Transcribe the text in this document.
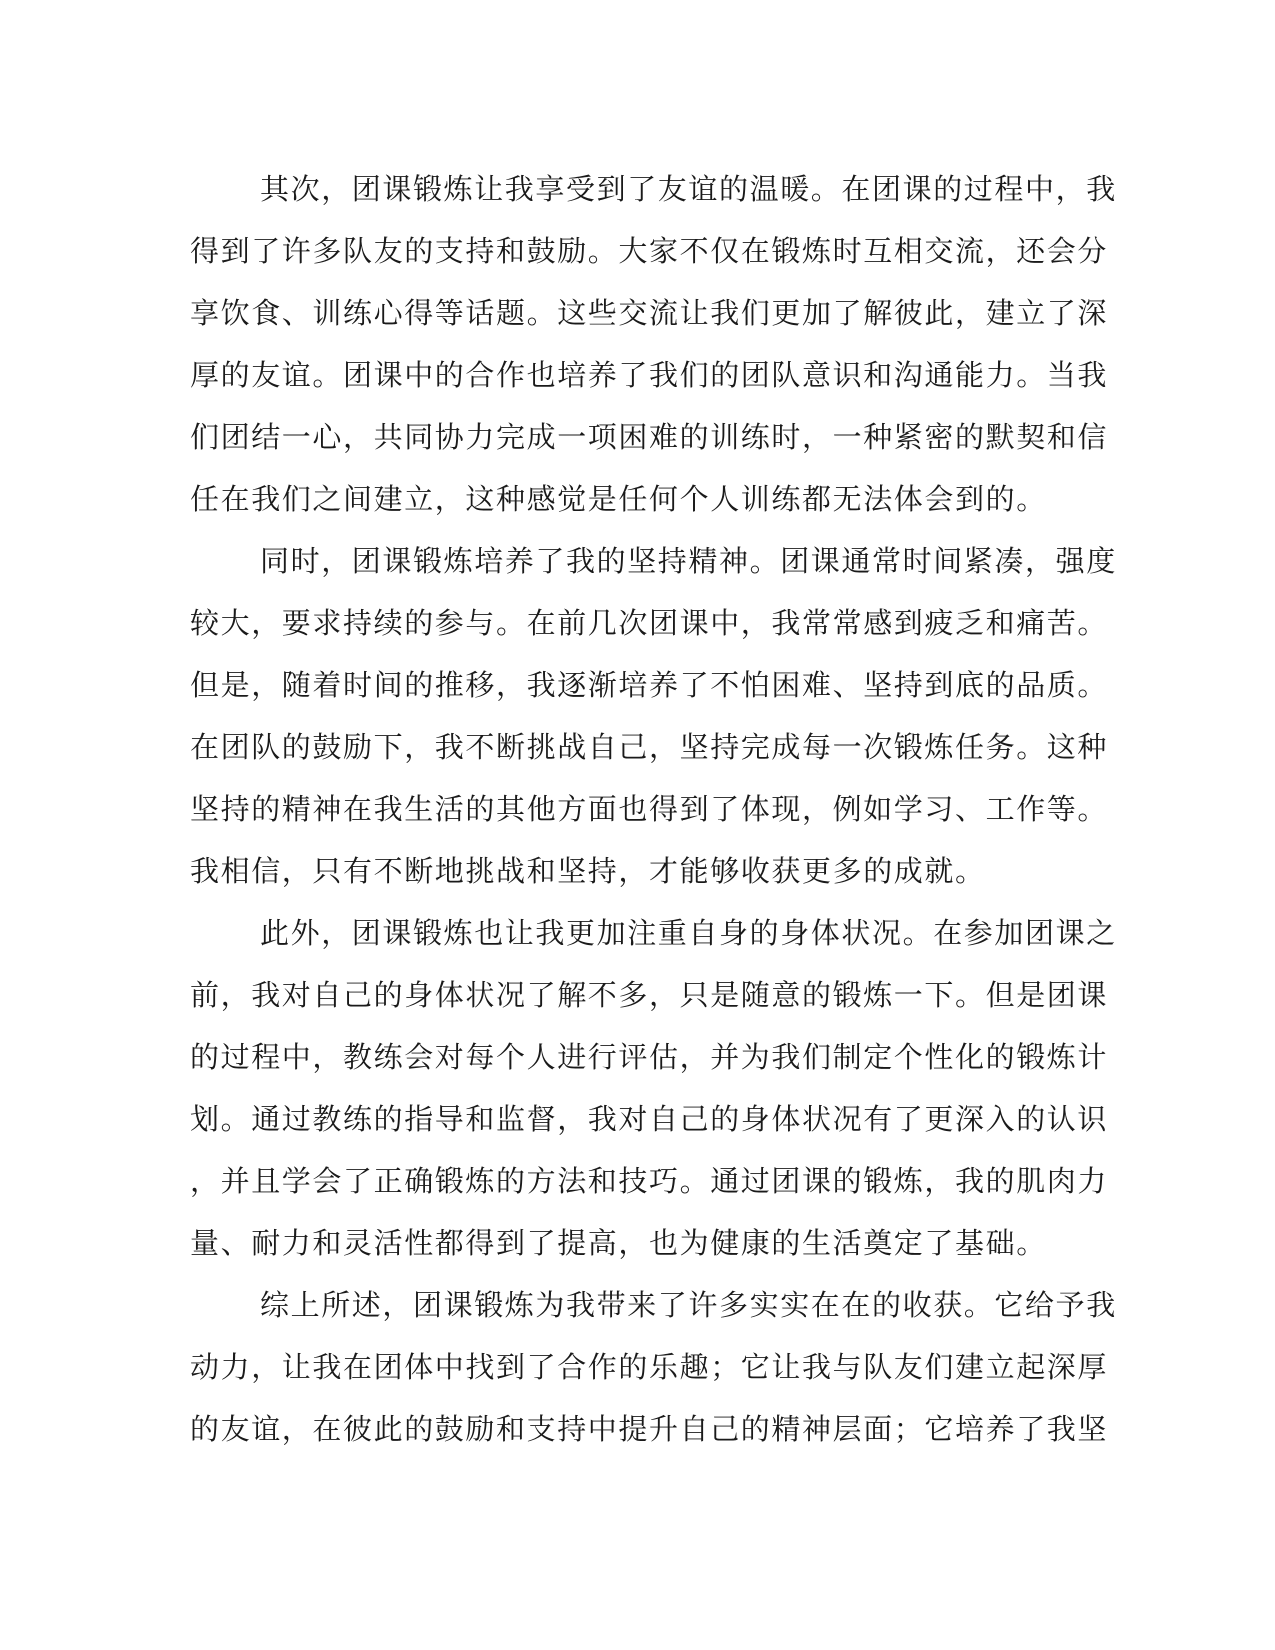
其次，团课锻炼让我享受到了友谊的温暖。在团课的过程中，我
得到了许多队友的支持和鼓励。大家不仅在锻炼时互相交流，还会分
享饮食、训练心得等话题。这些交流让我们更加了解彼此，建立了深
厚的友谊。团课中的合作也培养了我们的团队意识和沟通能力。当我
们团结一心，共同协力完成一项困难的训练时，一种紧密的默契和信
任在我们之间建立，这种感觉是任何个人训练都无法体会到的。
同时，团课锻炼培养了我的坚持精神。团课通常时间紧凑，强度
较大，要求持续的参与。在前几次团课中，我常常感到疲乏和痛苦。
但是，随着时间的推移，我逐渐培养了不怕困难、坚持到底的品质。
在团队的鼓励下，我不断挑战自己，坚持完成每一次锻炼任务。这种
坚持的精神在我生活的其他方面也得到了体现，例如学习、工作等。
我相信，只有不断地挑战和坚持，才能够收获更多的成就。
此外，团课锻炼也让我更加注重自身的身体状况。在参加团课之
前，我对自己的身体状况了解不多，只是随意的锻炼一下。但是团课
的过程中，教练会对每个人进行评估，并为我们制定个性化的锻炼计
划。通过教练的指导和监督，我对自己的身体状况有了更深入的认识
，并且学会了正确锻炼的方法和技巧。通过团课的锻炼，我的肌肉力
量、耐力和灵活性都得到了提高，也为健康的生活奠定了基础。
综上所述，团课锻炼为我带来了许多实实在在的收获。它给予我
动力，让我在团体中找到了合作的乐趣；它让我与队友们建立起深厚
的友谊，在彼此的鼓励和支持中提升自己的精神层面；它培养了我坚
